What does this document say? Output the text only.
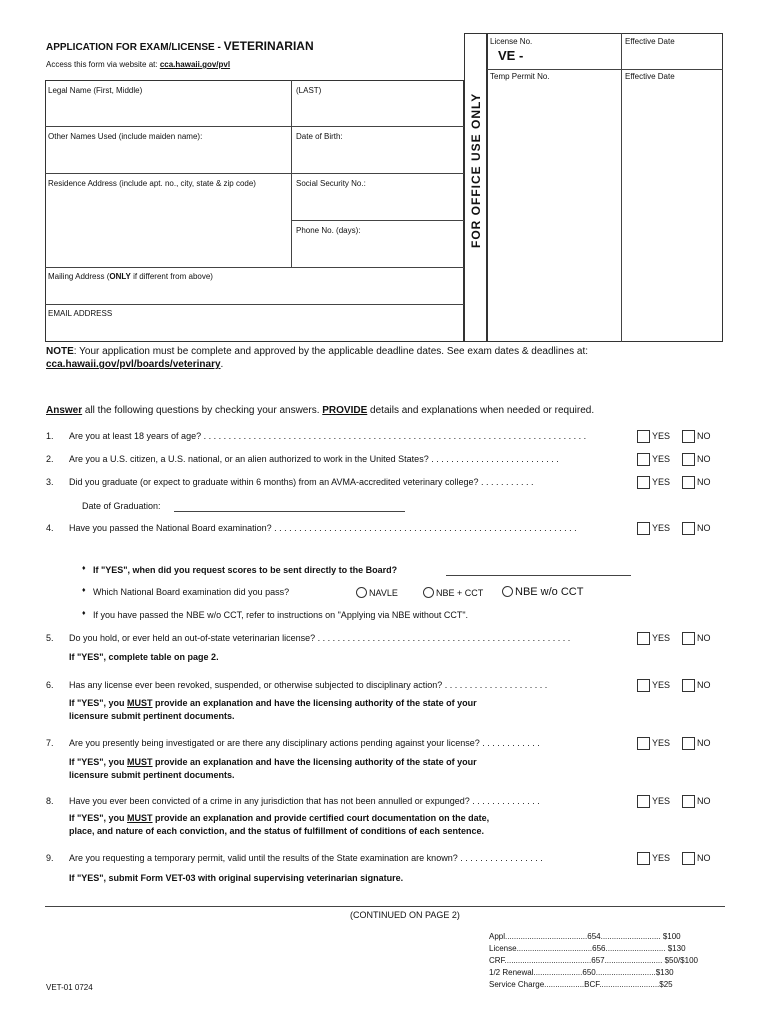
APPLICATION FOR EXAM/LICENSE - VETERINARIAN
Access this form via website at: cca.hawaii.gov/pvl
Legal Name (First, Middle)	(LAST)
Other Names Used (include maiden name):	Date of Birth:
Residence Address (include apt. no., city, state & zip code)	Social Security No.:
Phone No. (days):
Mailing Address (ONLY if different from above)
EMAIL ADDRESS
FOR OFFICE USE ONLY
License No.	Effective Date
VE -
Temp Permit No.	Effective Date
NOTE: Your application must be complete and approved by the applicable deadline dates. See exam dates & deadlines at:
cca.hawaii.gov/pvl/boards/veterinary.
Answer all the following questions by checking your answers. PROVIDE details and explanations when needed or required.
1. Are you at least 18 years of age? . . . . . . . . . . . . . . . . . . . . . . . . . . . . . . . . . . . . . . . . . . . . . . . . . . . . . . . . . . . . . . . . . . . . . . . . . . . . .	YES	NO
2. Are you a U.S. citizen, a U.S. national, or an alien authorized to work in the United States? . . . . . . . . . . . . . . . . . . . . . . . . . .	YES	NO
3. Did you graduate (or expect to graduate within 6 months) from an AVMA-accredited veterinary college? . . . . . . . . . . .	YES	NO
4. Have you passed the National Board examination? . . . . . . . . . . . . . . . . . . . . . . . . . . . . . . . . . . . . . . . . . . . . . . . . . . . . . . . . . . . . .	YES	NO
5. Do you hold, or ever held an out-of-state veterinarian license? . . . . . . . . . . . . . . . . . . . . . . . . . . . . . . . . . . . . . . . . . . . . . . . . . . .	YES	NO
6. Has any license ever been revoked, suspended, or otherwise subjected to disciplinary action? . . . . . . . . . . . . . . . . . . . . .	YES	NO
7. Are you presently being investigated or are there any disciplinary actions pending against your license? . . . . . . . . . . . .	YES	NO
8. Have you ever been convicted of a crime in any jurisdiction that has not been annulled or expunged? . . . . . . . . . . . . . .	YES	NO
9. Are you requesting a temporary permit, valid until the results of the State examination are known? . . . . . . . . . . . . . . . . .	YES	NO
Date of Graduation:
♦ If "YES", when did you request scores to be sent directly to the Board?
♦ Which National Board examination did you pass?	NAVLE	NBE + CCT	NBE w/o CCT
♦ If you have passed the NBE w/o CCT, refer to instructions on "Applying via NBE without CCT".
If "YES", complete table on page 2.
If "YES", you MUST provide an explanation and have the licensing authority of the state of your
licensure submit pertinent documents.
If "YES", you MUST provide an explanation and have the licensing authority of the state of your
licensure submit pertinent documents.
If "YES", you MUST provide an explanation and provide certified court documentation on the date,
place, and nature of each conviction, and the status of fulfillment of conditions of each sentence.
If "YES", submit Form VET-03 with original supervising veterinarian signature.
(CONTINUED ON PAGE 2)
VET-01 0724
Appl.....................................654........................... $100
License..................................656........................... $130
CRF.......................................657.......................... $50/$100
1/2 Renewal......................650...........................$130
Service Charge..................BCF...........................$25
